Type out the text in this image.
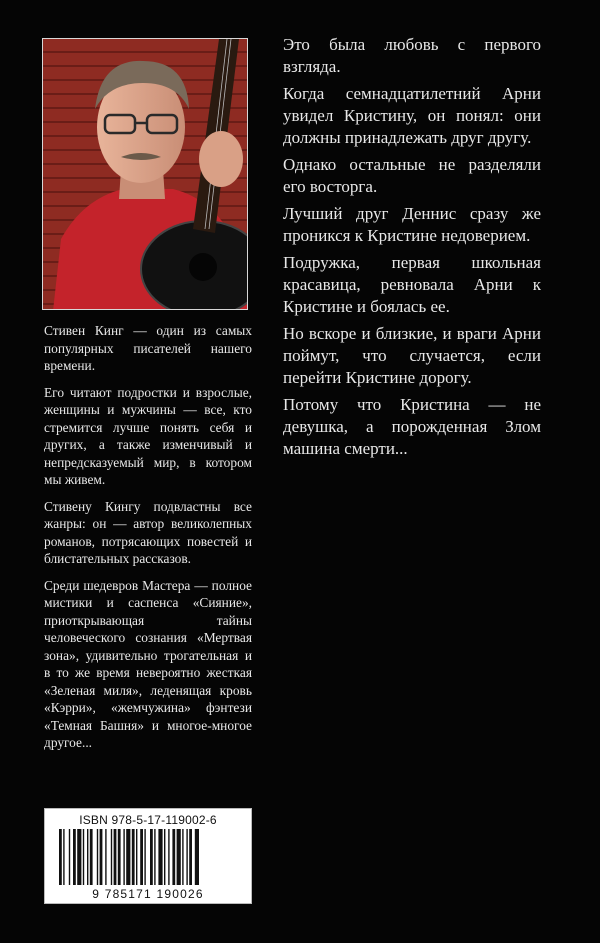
Стивен Кинг — один из самых популярных писателей нашего времени.

Его читают подростки и взрослые, женщины и мужчины — все, кто стремится лучше понять себя и других, а также изменчивый и непредсказуемый мир, в котором мы живем.

Стивену Кингу подвластны все жанры: он — автор великолепных романов, потрясающих повестей и блистательных рассказов.

Среди шедевров Мастера — полное мистики и саспенса «Сияние», приоткрывающая тайны человеческого сознания «Мертвая зона», удивительно трогательная и в то же время невероятно жесткая «Зеленая миля», леденящая кровь «Кэрри», «жемчужина» фэнтези «Темная Башня» и многое-многое другое...

Это была любовь с первого взгляда.

Когда семнадцатилетний Арни увидел Кристину, он понял: они должны принадлежать друг другу.

Однако остальные не разделяли его восторга.

Лучший друг Деннис сразу же проникся к Кристине недоверием.

Подружка, первая школьная красавица, ревновала Арни к Кристине и боялась ее.

Но вскоре и близкие, и враги Арни поймут, что случается, если перейти Кристине дорогу.

Потому что Кристина — не девушка, а порожденная Злом машина смерти...

ISBN 978-5-17-119002-6
9 785171 190026
